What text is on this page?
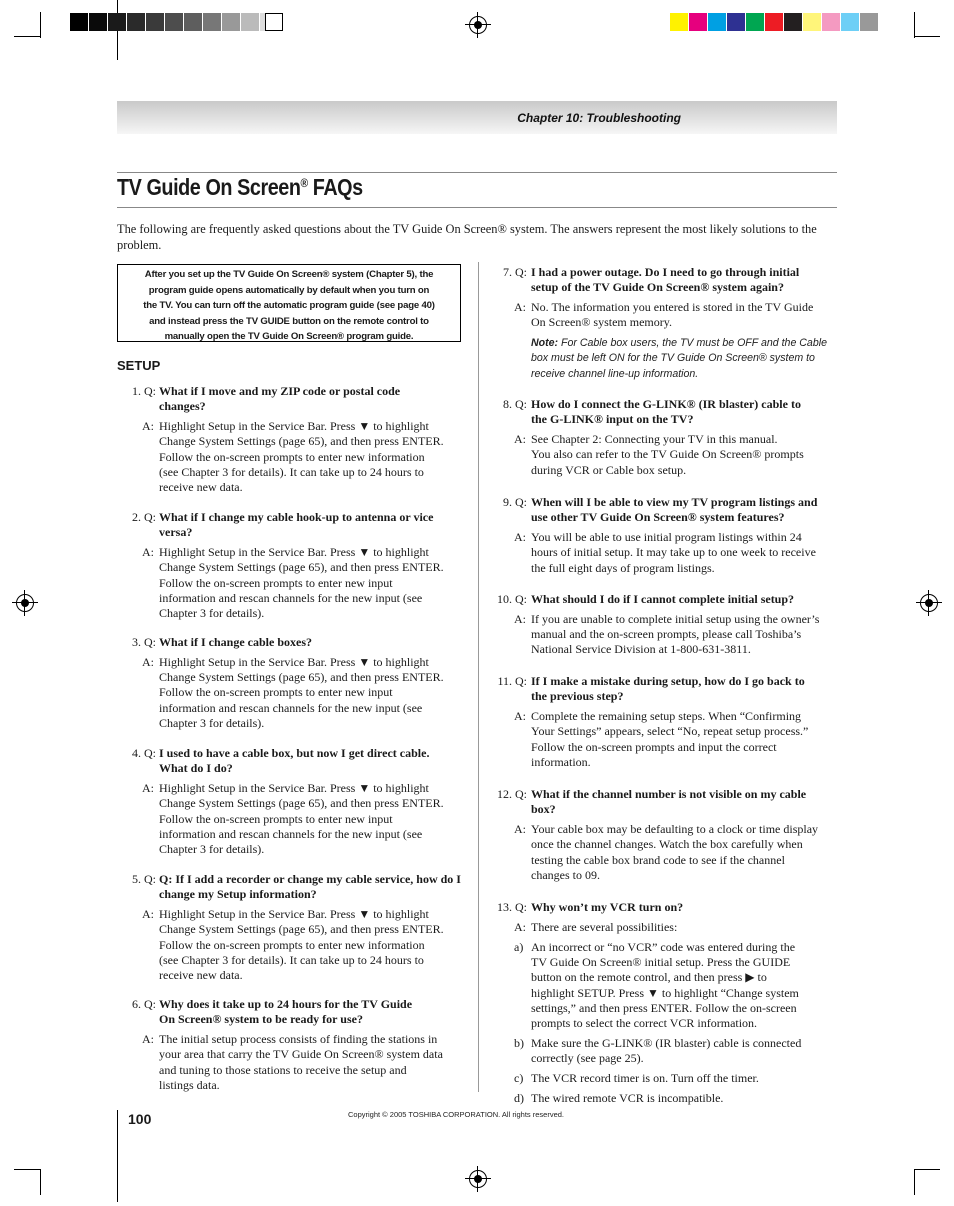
Chapter 10: Troubleshooting
TV Guide On Screen® FAQs
The following are frequently asked questions about the TV Guide On Screen® system. The answers represent the most likely solutions to the problem.
After you set up the TV Guide On Screen® system (Chapter 5), the
program guide opens automatically by default when you turn on
the TV. You can turn off the automatic program guide (see page 40)
and instead press the TV GUIDE button on the remote control to
manually open the TV Guide On Screen® program guide.
SETUP
1. Q: What if I move and my ZIP code or postal code
changes?
A: Highlight Setup in the Service Bar. Press ▼ to highlight
Change System Settings (page 65), and then press ENTER.
Follow the on-screen prompts to enter new information
(see Chapter 3 for details). It can take up to 24 hours to
receive new data.
2. Q: What if I change my cable hook-up to antenna or vice
versa?
A: Highlight Setup in the Service Bar. Press ▼ to highlight
Change System Settings (page 65), and then press ENTER.
Follow the on-screen prompts to enter new input
information and rescan channels for the new input (see
Chapter 3 for details).
3. Q: What if I change cable boxes?
A: Highlight Setup in the Service Bar. Press ▼ to highlight
Change System Settings (page 65), and then press ENTER.
Follow the on-screen prompts to enter new input
information and rescan channels for the new input (see
Chapter 3 for details).
4. Q: I used to have a cable box, but now I get direct cable.
What do I do?
A: Highlight Setup in the Service Bar. Press ▼ to highlight
Change System Settings (page 65), and then press ENTER.
Follow the on-screen prompts to enter new input
information and rescan channels for the new input (see
Chapter 3 for details).
5. Q: Q: If I add a recorder or change my cable service, how do I
change my Setup information?
A: Highlight Setup in the Service Bar. Press ▼ to highlight
Change System Settings (page 65), and then press ENTER.
Follow the on-screen prompts to enter new information
(see Chapter 3 for details). It can take up to 24 hours to
receive new data.
6. Q: Why does it take up to 24 hours for the TV Guide
On Screen® system to be ready for use?
A: The initial setup process consists of finding the stations in
your area that carry the TV Guide On Screen® system data
and tuning to those stations to receive the setup and
listings data.
7. Q: I had a power outage. Do I need to go through initial
setup of the TV Guide On Screen® system again?
A: No. The information you entered is stored in the TV Guide
On Screen® system memory.
Note: For Cable box users, the TV must be OFF and the Cable
box must be left ON for the TV Guide On Screen® system to
receive channel line-up information.
8. Q: How do I connect the G-LINK® (IR blaster) cable to
the G-LINK® input on the TV?
A: See Chapter 2: Connecting your TV in this manual.
You also can refer to the TV Guide On Screen® prompts
during VCR or Cable box setup.
9. Q: When will I be able to view my TV program listings and
use other TV Guide On Screen® system features?
A: You will be able to use initial program listings within 24
hours of initial setup. It may take up to one week to receive
the full eight days of program listings.
10. Q: What should I do if I cannot complete initial setup?
A: If you are unable to complete initial setup using the owner’s
manual and the on-screen prompts, please call Toshiba’s
National Service Division at 1-800-631-3811.
11. Q: If I make a mistake during setup, how do I go back to
the previous step?
A: Complete the remaining setup steps. When “Confirming
Your Settings” appears, select “No, repeat setup process.”
Follow the on-screen prompts and input the correct
information.
12. Q: What if the channel number is not visible on my cable
box?
A: Your cable box may be defaulting to a clock or time display
once the channel changes. Watch the box carefully when
testing the cable box brand code to see if the channel
changes to 09.
13. Q: Why won’t my VCR turn on?
A: There are several possibilities:
a) An incorrect or “no VCR” code was entered during the
TV Guide On Screen® initial setup. Press the GUIDE
button on the remote control, and then press ▶ to
highlight SETUP. Press ▼ to highlight “Change system
settings,” and then press ENTER. Follow the on-screen
prompts to select the correct VCR information.
b) Make sure the G-LINK® (IR blaster) cable is connected
correctly (see page 25).
c) The VCR record timer is on. Turn off the timer.
d) The wired remote VCR is incompatible.
100	Copyright © 2005 TOSHIBA CORPORATION. All rights reserved.
